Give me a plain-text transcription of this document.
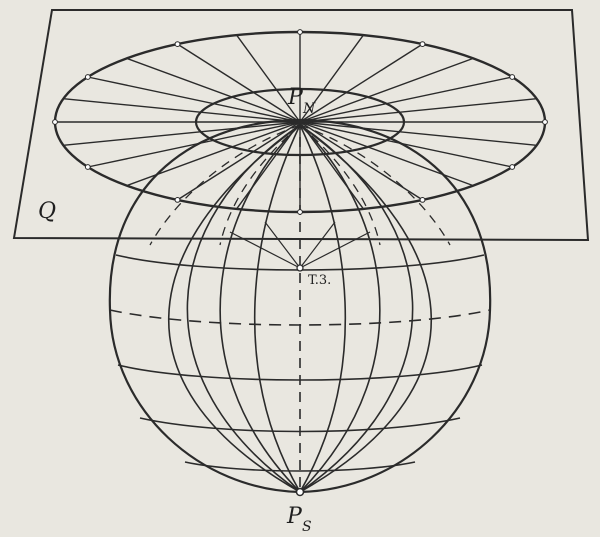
Q
P N
T.3.
P S
